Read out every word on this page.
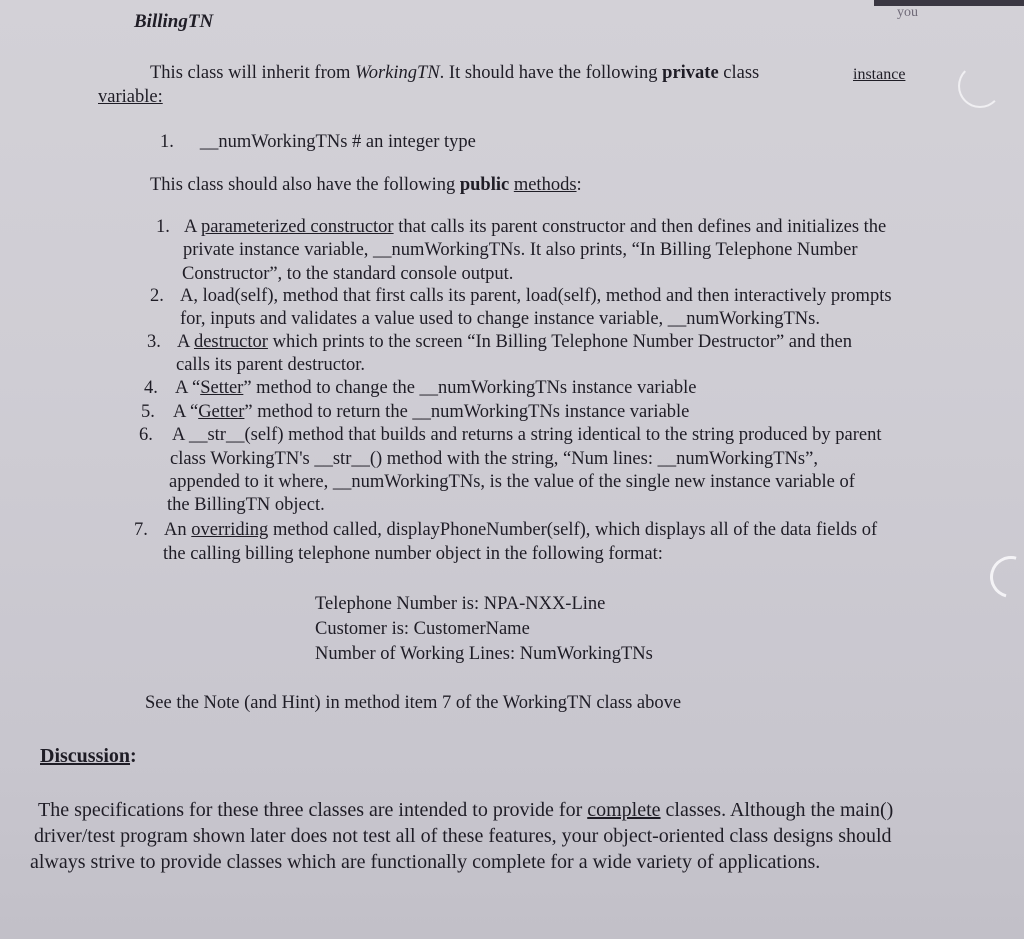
BillingTN	you
This class will inherit from WorkingTN. It should have the following private class	instance
variable:
1. __numWorkingTNs # an integer type
This class should also have the following public methods:
1. A parameterized constructor that calls its parent constructor and then defines and initializes the
private instance variable, __numWorkingTNs. It also prints, “In Billing Telephone Number
Constructor”, to the standard console output.
2. A, load(self), method that first calls its parent, load(self), method and then interactively prompts
for, inputs and validates a value used to change instance variable, __numWorkingTNs.
3. A destructor which prints to the screen “In Billing Telephone Number Destructor” and then
calls its parent destructor.
4. A “Setter” method to change the __numWorkingTNs instance variable
5. A “Getter” method to return the __numWorkingTNs instance variable
6. A __str__(self) method that builds and returns a string identical to the string produced by parent
class WorkingTN's __str__() method with the string, “Num lines: __numWorkingTNs”,
appended to it where, __numWorkingTNs, is the value of the single new instance variable of
the BillingTN object.
7. An overriding method called, displayPhoneNumber(self), which displays all of the data fields of
the calling billing telephone number object in the following format:
Telephone Number is: NPA-NXX-Line
Customer is: CustomerName
Number of Working Lines: NumWorkingTNs
See the Note (and Hint) in method item 7 of the WorkingTN class above
Discussion:
The specifications for these three classes are intended to provide for complete classes. Although the main()
driver/test program shown later does not test all of these features, your object-oriented class designs should
always strive to provide classes which are functionally complete for a wide variety of applications.
